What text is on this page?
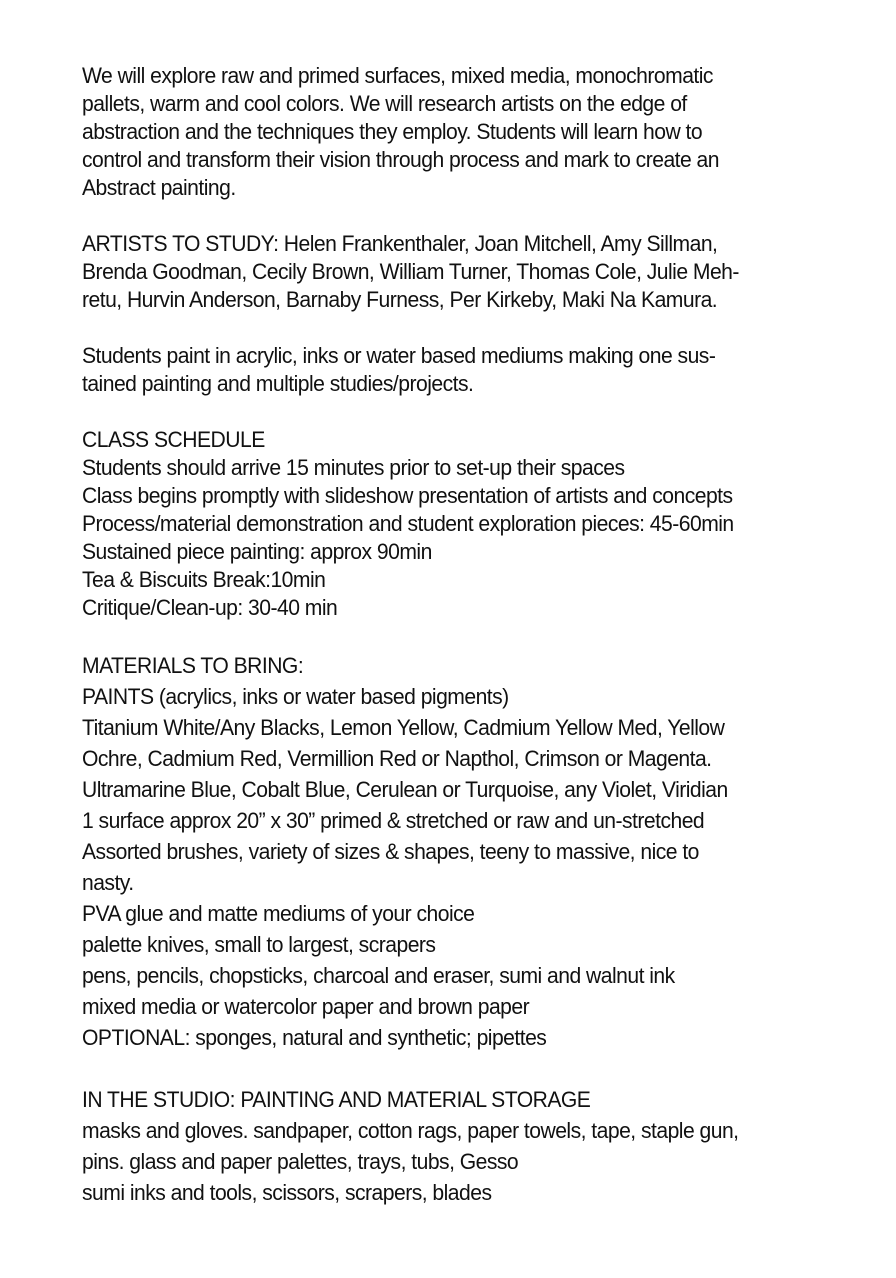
We will explore raw and primed surfaces, mixed media, monochromatic
pallets, warm and cool colors. We will research artists on the edge of
abstraction and the techniques they employ. Students will learn how to
control and transform their vision through process and mark to create an
Abstract painting.
ARTISTS TO STUDY: Helen Frankenthaler, Joan Mitchell, Amy Sillman,
Brenda Goodman, Cecily Brown, William Turner, Thomas Cole, Julie Meh-
retu, Hurvin Anderson, Barnaby Furness, Per Kirkeby, Maki Na Kamura.
Students paint in acrylic, inks or water based mediums making one sus-
tained painting and multiple studies/projects.
CLASS SCHEDULE
Students should arrive 15 minutes prior to set-up their spaces
Class begins promptly with slideshow presentation of artists and concepts
Process/material demonstration and student exploration pieces: 45-60min
Sustained piece painting: approx 90min
Tea & Biscuits Break:10min
Critique/Clean-up: 30-40 min
MATERIALS TO BRING:
PAINTS (acrylics, inks or water based pigments)
Titanium White/Any Blacks, Lemon Yellow, Cadmium Yellow Med, Yellow
Ochre, Cadmium Red, Vermillion Red or Napthol, Crimson or Magenta.
Ultramarine Blue, Cobalt Blue, Cerulean or Turquoise, any Violet, Viridian
1 surface approx 20” x 30” primed & stretched or raw and un-stretched
Assorted brushes, variety of sizes & shapes, teeny to massive, nice to
nasty.
PVA glue and matte mediums of your choice
palette knives, small to largest, scrapers
pens, pencils, chopsticks, charcoal and eraser, sumi and walnut ink
mixed media or watercolor paper and brown paper
OPTIONAL: sponges, natural and synthetic; pipettes
IN THE STUDIO: PAINTING AND MATERIAL STORAGE
masks and gloves. sandpaper, cotton rags, paper towels, tape, staple gun,
pins. glass and paper palettes, trays, tubs, Gesso
sumi inks and tools, scissors, scrapers, blades
